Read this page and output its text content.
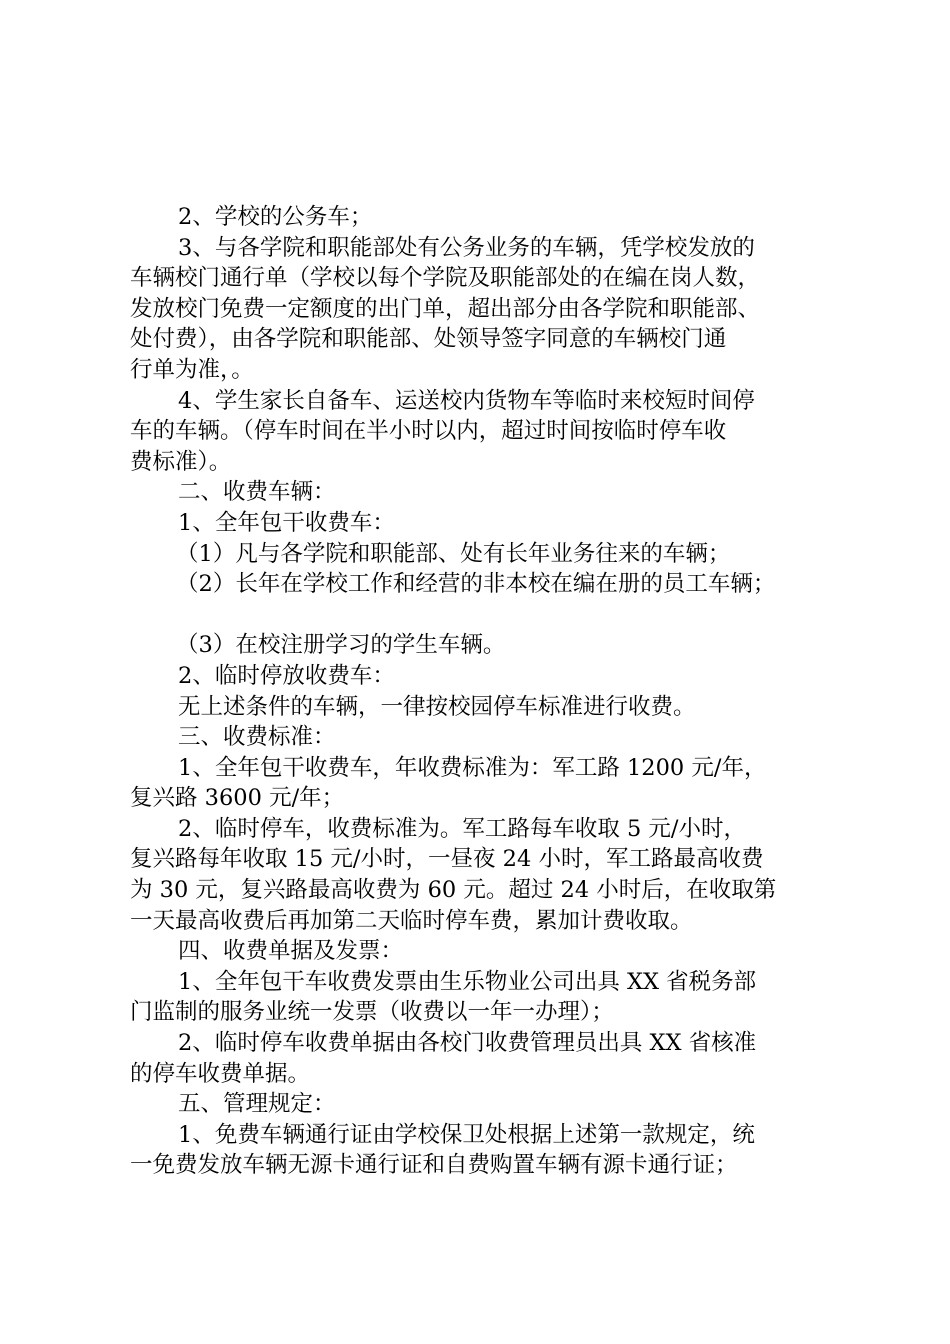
2、学校的公务车；

3、与各学院和职能部处有公务业务的车辆，凭学校发放的

车辆校门通行单（学校以每个学院及职能部处的在编在岗人数，

发放校门免费一定额度的出门单，超出部分由各学院和职能部、

处付费），由各学院和职能部、处领导签字同意的车辆校门通

行单为准，。

4、学生家长自备车、运送校内货物车等临时来校短时间停

车的车辆。（停车时间在半小时以内，超过时间按临时停车收

费标准）。

二、收费车辆：

1、全年包干收费车：

（1）凡与各学院和职能部、处有长年业务往来的车辆；

（2）长年在学校工作和经营的非本校在编在册的员工车辆；

（3）在校注册学习的学生车辆。

2、临时停放收费车：

无上述条件的车辆，一律按校园停车标准进行收费。

三、收费标准：

1、全年包干收费车，年收费标准为：军工路 1200 元/年，

复兴路 3600 元/年；

2、临时停车，收费标准为。军工路每车收取 5 元/小时，

复兴路每年收取 15 元/小时，一昼夜 24 小时，军工路最高收费

为 30 元，复兴路最高收费为 60 元。超过 24 小时后，在收取第

一天最高收费后再加第二天临时停车费，累加计费收取。

四、收费单据及发票：

1、全年包干车收费发票由生乐物业公司出具 XX 省税务部

门监制的服务业统一发票（收费以一年一办理）；

2、临时停车收费单据由各校门收费管理员出具 XX 省核准

的停车收费单据。

五、管理规定：

1、免费车辆通行证由学校保卫处根据上述第一款规定，统

一免费发放车辆无源卡通行证和自费购置车辆有源卡通行证；
